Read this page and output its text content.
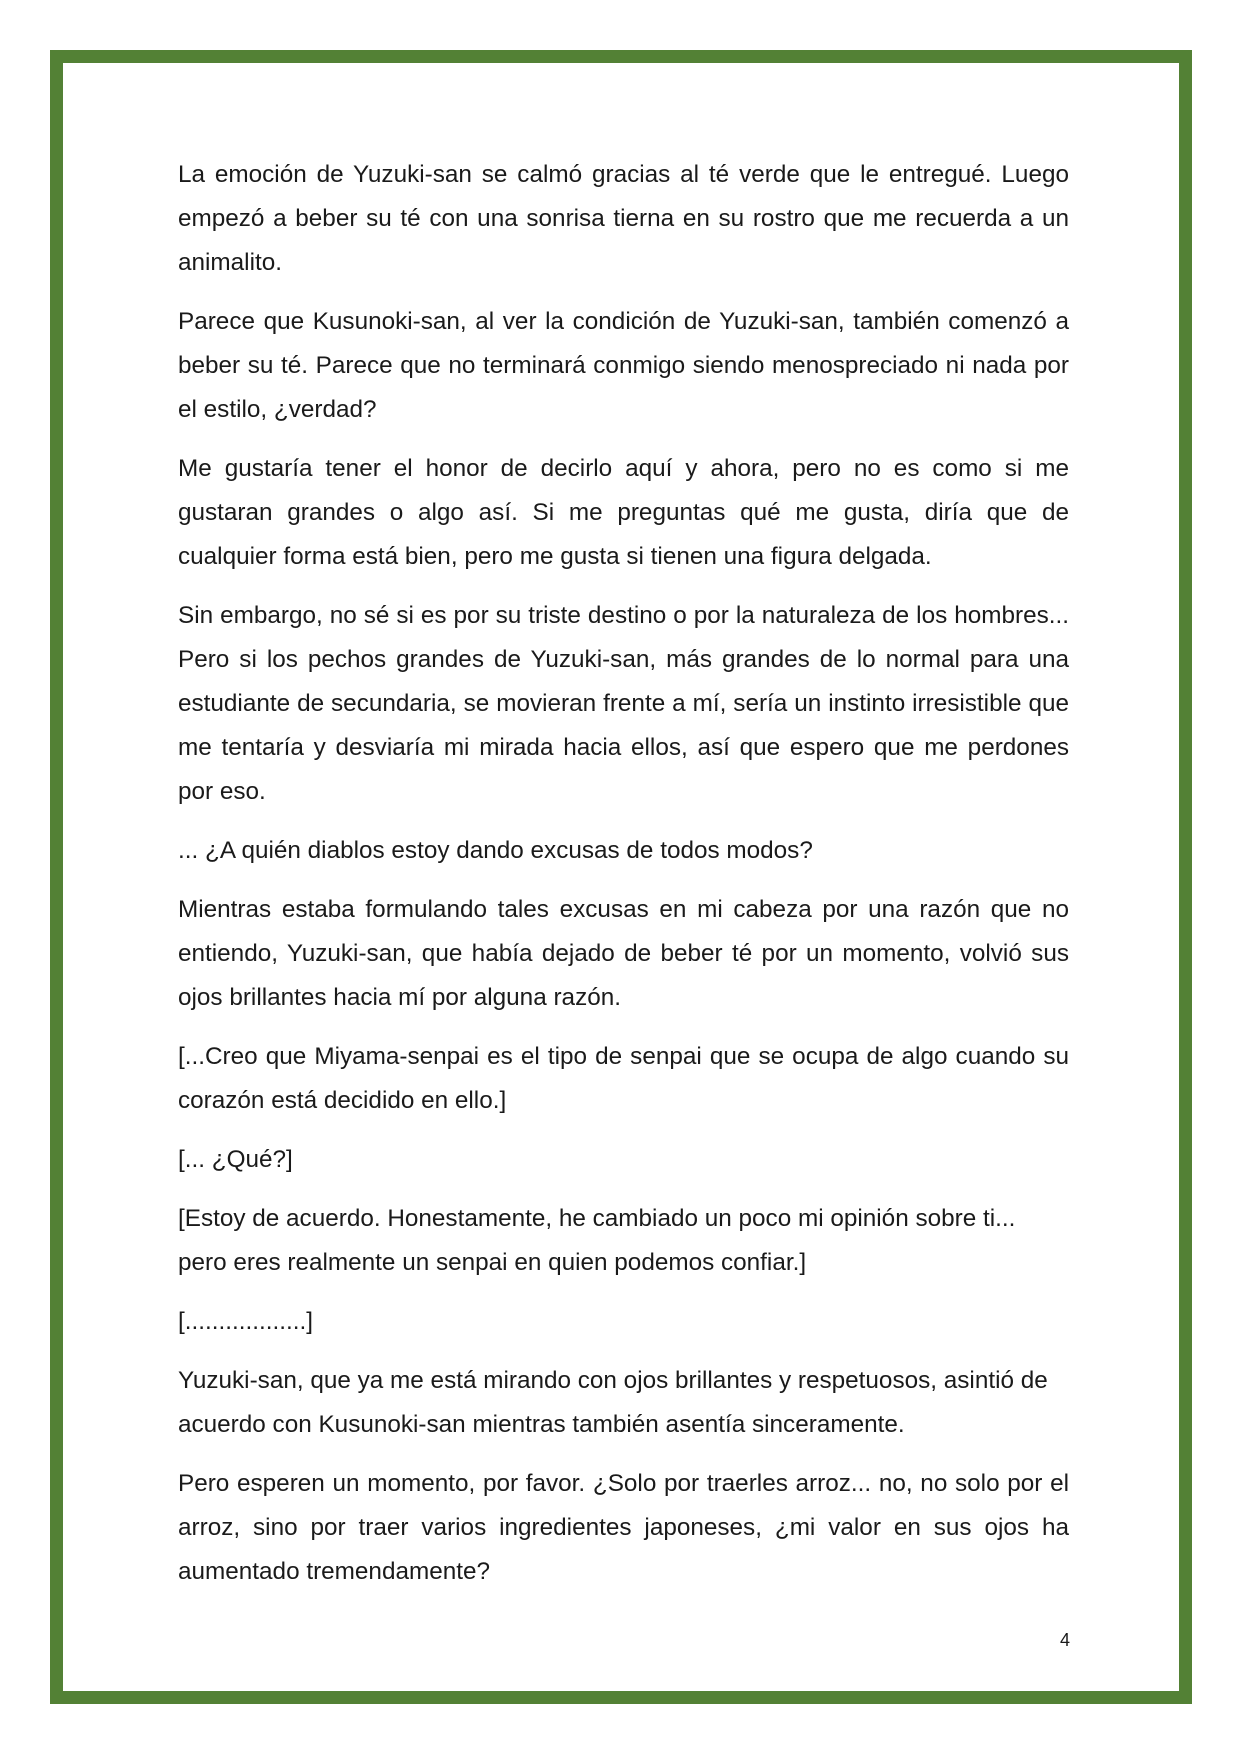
La emoción de Yuzuki-san se calmó gracias al té verde que le entregué. Luego empezó a beber su té con una sonrisa tierna en su rostro que me recuerda a un animalito.

Parece que Kusunoki-san, al ver la condición de Yuzuki-san, también comenzó a beber su té. Parece que no terminará conmigo siendo menospreciado ni nada por el estilo, ¿verdad?

Me gustaría tener el honor de decirlo aquí y ahora, pero no es como si me gustaran grandes o algo así. Si me preguntas qué me gusta, diría que de cualquier forma está bien, pero me gusta si tienen una figura delgada.

Sin embargo, no sé si es por su triste destino o por la naturaleza de los hombres... Pero si los pechos grandes de Yuzuki-san, más grandes de lo normal para una estudiante de secundaria, se movieran frente a mí, sería un instinto irresistible que me tentaría y desviaría mi mirada hacia ellos, así que espero que me perdones por eso.

... ¿A quién diablos estoy dando excusas de todos modos?

Mientras estaba formulando tales excusas en mi cabeza por una razón que no entiendo, Yuzuki-san, que había dejado de beber té por un momento, volvió sus ojos brillantes hacia mí por alguna razón.

[...Creo que Miyama-senpai es el tipo de senpai que se ocupa de algo cuando su corazón está decidido en ello.]

[... ¿Qué?]

[Estoy de acuerdo. Honestamente, he cambiado un poco mi opinión sobre ti... pero eres realmente un senpai en quien podemos confiar.]

[..................]

Yuzuki-san, que ya me está mirando con ojos brillantes y respetuosos, asintió de acuerdo con Kusunoki-san mientras también asentía sinceramente.

Pero esperen un momento, por favor. ¿Solo por traerles arroz... no, no solo por el arroz, sino por traer varios ingredientes japoneses, ¿mi valor en sus ojos ha aumentado tremendamente?

4
